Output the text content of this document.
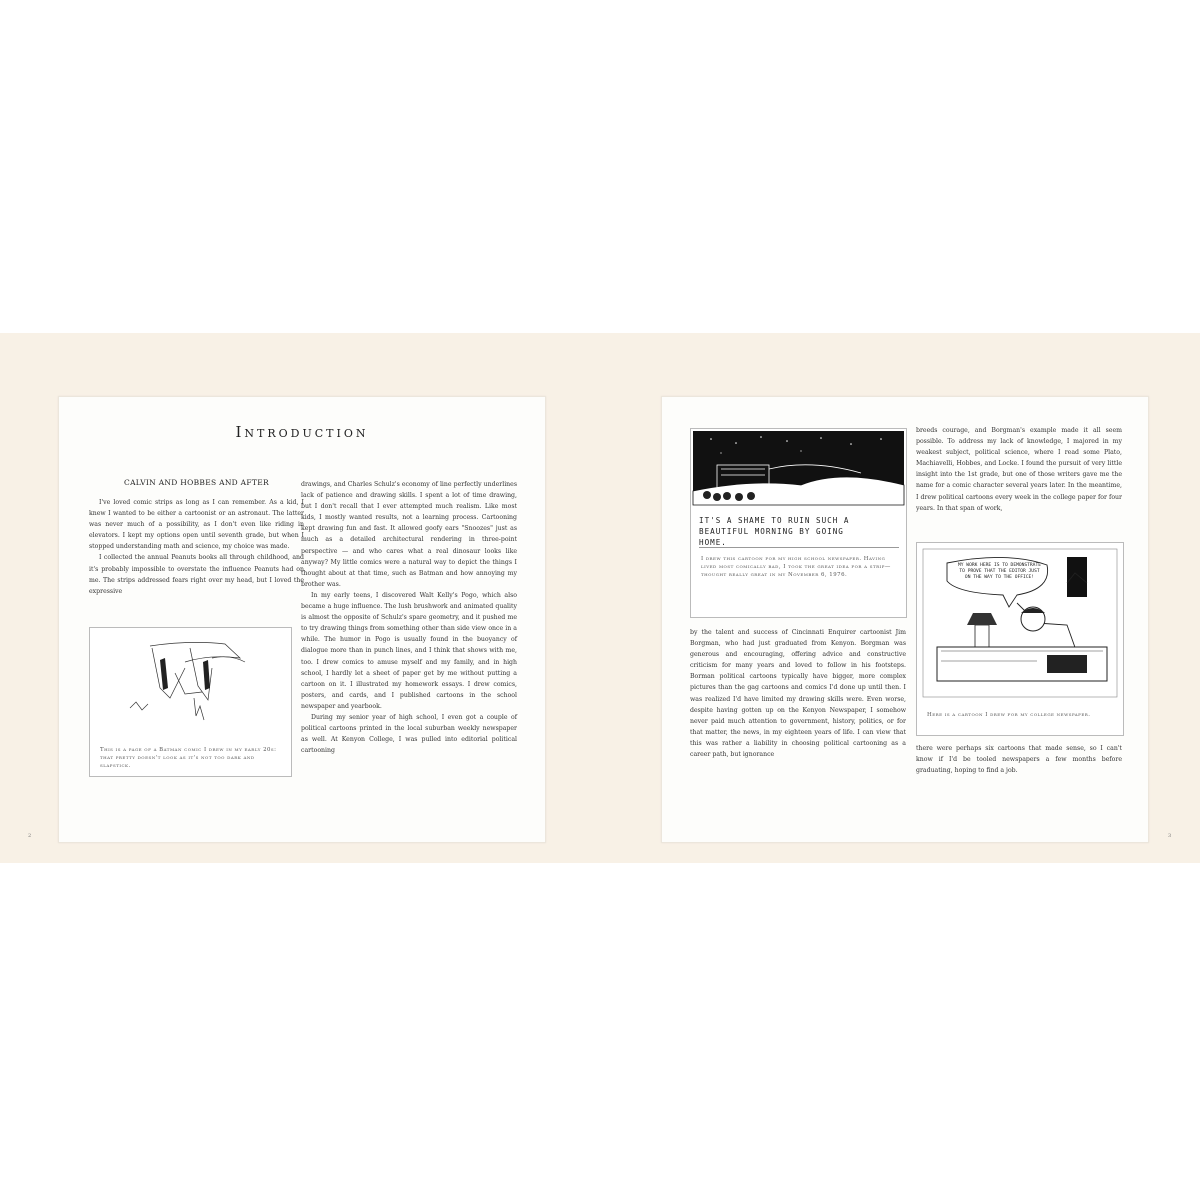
Introduction
CALVIN AND HOBBES AND AFTER

I've loved comic strips as long as I can remember. As a kid, I knew I wanted to be either a cartoonist or an astronaut. The latter was never much of a possibility, as I don't even like riding in elevators. I kept my options open until seventh grade, but when I stopped understanding math and science, my choice was made.

I collected the annual Peanuts books all through childhood, and it's probably impossible to overstate the influence Peanuts had on me. The strips addressed fears right over my head, but I loved the expressive

This is a page of a Batman comic I drew in my early 20s: that pretty doesn't look as it's not too dark and slapstick.

drawings, and Charles Schulz's economy of line perfectly underlines lack of patience and drawing skills. I spent a lot of time drawing, but I don't recall that I ever attempted much realism. Like most kids, I mostly wanted results, not a learning process. Cartooning kept drawing fun and fast. It allowed goofy ears "Snoozes" just as much as a detailed architectural rendering in three-point perspective — and who cares what a real dinosaur looks like anyway? My little comics were a natural way to depict the things I thought about at that time, such as Batman and how annoying my brother was.

In my early teens, I discovered Walt Kelly's Pogo, which also became a huge influence. The lush brushwork and animated quality is almost the opposite of Schulz's spare geometry, and it pushed me to try drawing things from something other than side view once in a while. The humor in Pogo is usually found in the buoyancy of dialogue more than in punch lines, and I think that shows with me, too. I drew comics to amuse myself and my family, and in high school, I hardly let a sheet of paper get by me without putting a cartoon on it. I illustrated my homework essays. I drew comics, posters, and cards, and I published cartoons in the school newspaper and yearbook.

During my senior year of high school, I even got a couple of political cartoons printed in the local suburban weekly newspaper as well. At Kenyon College, I was pulled into editorial political cartooning

2
IT'S A SHAME TO RUIN SUCH A BEAUTIFUL MORNING BY GOING HOME.
I drew this cartoon for my high school newspaper. Having lived most comically bad, I took the great idea for a strip—thought really great in my November 6, 1976.

by the talent and success of Cincinnati Enquirer cartoonist Jim Borgman, who had just graduated from Kenyon. Borgman was generous and encouraging, offering advice and constructive criticism for many years and loved to follow in his footsteps. Borman political cartoons typically have bigger, more complex pictures than the gag cartoons and comics I'd done up until then. I was realized I'd have limited my drawing skills were. Even worse, despite having gotten up on the Kenyon Newspaper, I somehow never paid much attention to government, history, politics, or for that matter, the news, in my eighteen years of life. I can view that this was rather a liability in choosing political cartooning as a career path, but ignorance

breeds courage, and Borgman's example made it all seem possible. To address my lack of knowledge, I majored in my weakest subject, political science, where I read some Plato, Machiavelli, Hobbes, and Locke. I found the pursuit of very little insight into the 1st grade, but one of those writers gave me the name for a comic character several years later. In the meantime, I drew political cartoons every week in the college paper for four years. In that span of work,

MY WORK HERE IS TO DEMONSTRATE TO PROVE THAT THE EDITOR JUST ON THE WAY TO THE OFFICE!
Here is a cartoon I drew for my college newspaper.

there were perhaps six cartoons that made sense, so I can't know if I'd be tooled newspapers a few months before graduating, hoping to find a job.

3
